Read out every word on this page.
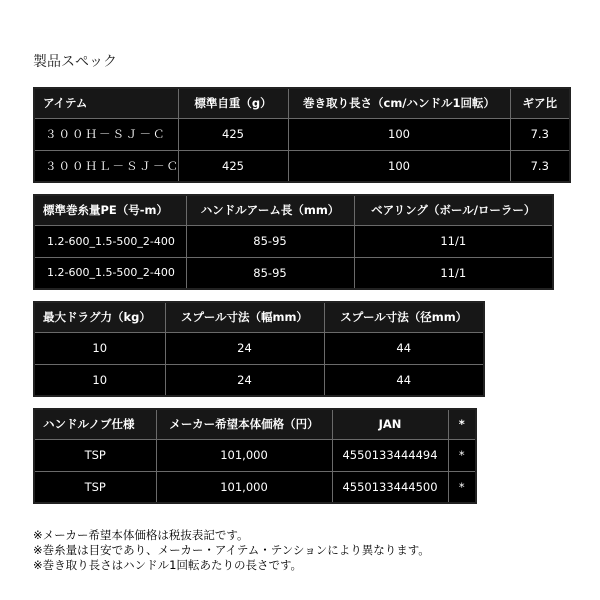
製品スペック
アイテム	標準自重（g）	巻き取り長さ（cm/ハンドル1回転）	ギア比
３００Ｈ－ＳＪ－Ｃ	425	100	7.3
３００ＨＬ－ＳＪ－Ｃ	425	100	7.3
標準巻糸量PE（号-m）	ハンドルアーム長（mm）	ベアリング（ボール/ローラー）
1.2-600_1.5-500_2-400	85-95	11/1
1.2-600_1.5-500_2-400	85-95	11/1
最大ドラグ力（kg）	スプール寸法（幅mm）	スプール寸法（径mm）
10	24	44
10	24	44
ハンドルノブ仕様	メーカー希望本体価格（円）	JAN	*
TSP	101,000	4550133444494	*
TSP	101,000	4550133444500	*
※メーカー希望本体価格は税抜表記です。
※巻糸量は目安であり、メーカー・アイテム・テンションにより異なります。
※巻き取り長さはハンドル1回転あたりの長さです。
